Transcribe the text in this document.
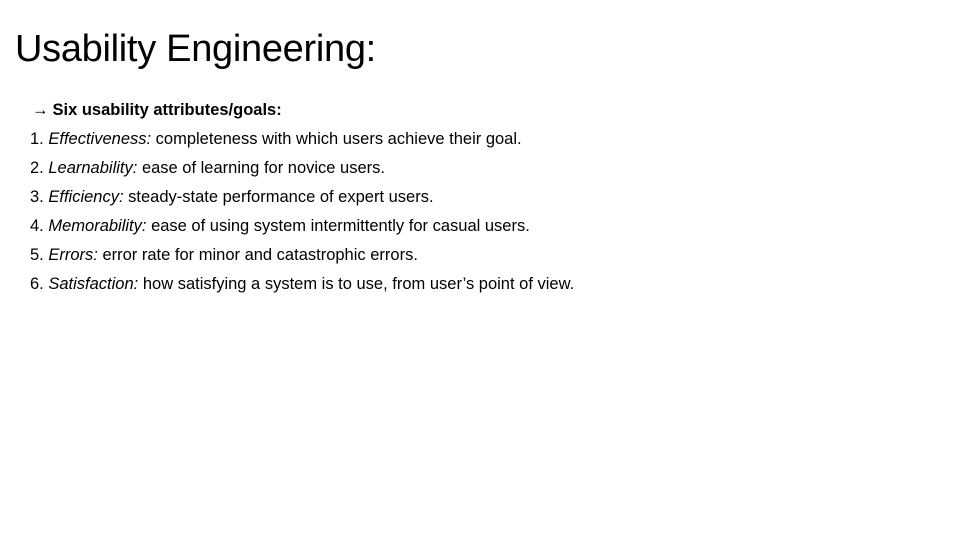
Usability Engineering:

→ Six usability attributes/goals:

1. Effectiveness: completeness with which users achieve their goal.
2. Learnability: ease of learning for novice users.
3. Efficiency: steady-state performance of expert users.
4. Memorability: ease of using system intermittently for casual users.
5. Errors: error rate for minor and catastrophic errors.
6. Satisfaction: how satisfying a system is to use, from user’s point of view.
